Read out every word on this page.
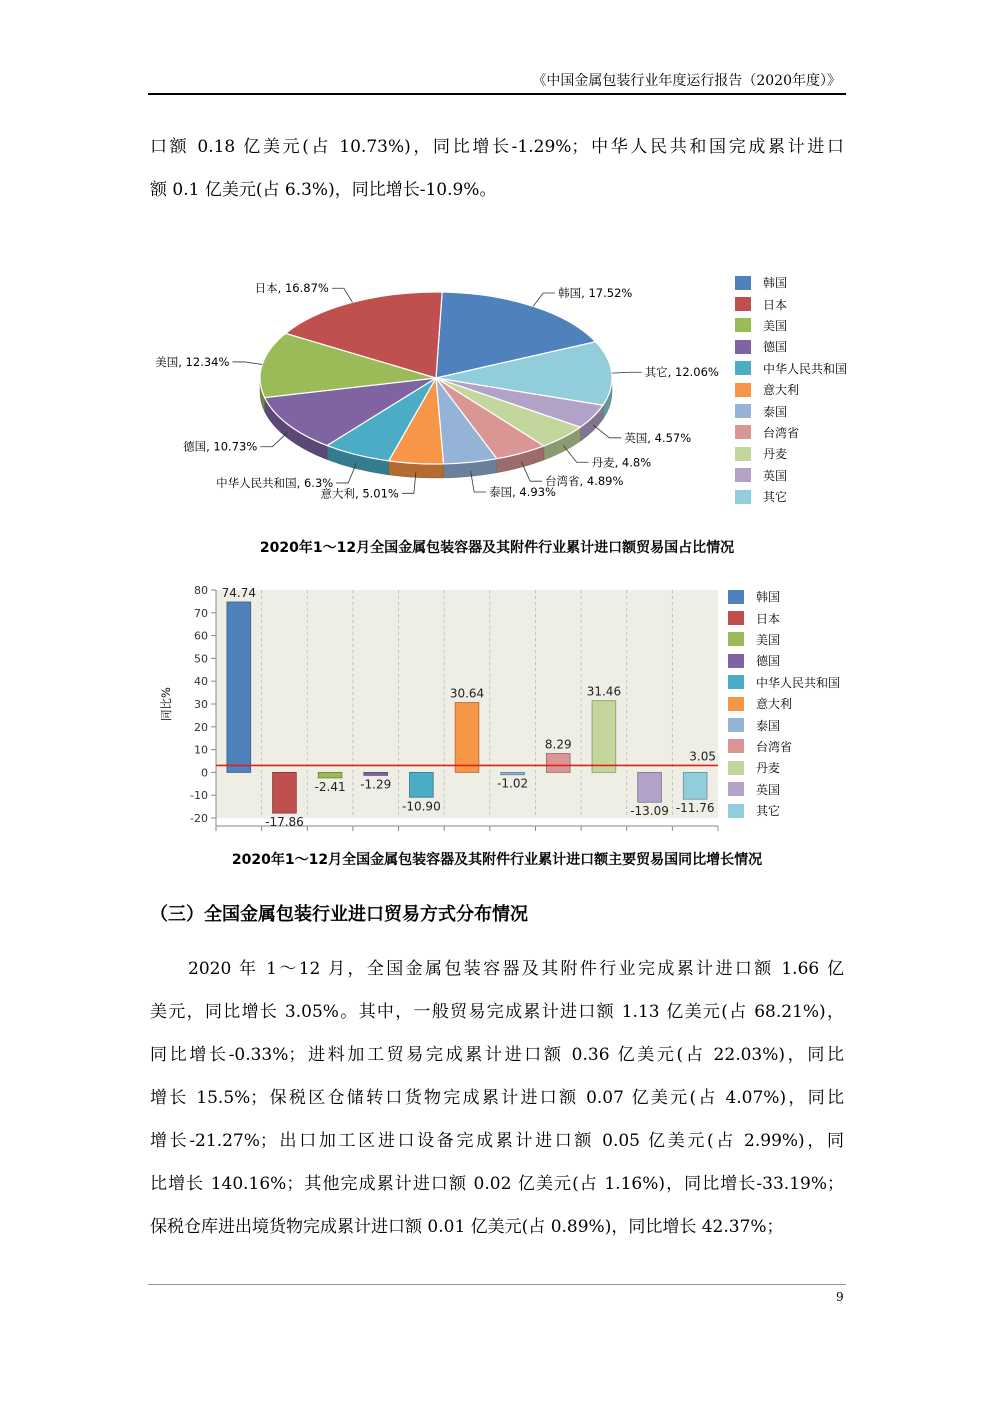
《中国金属包装行业年度运行报告（2020年度）》
口额 0.18 亿美元(占 10.73%)，同比增长-1.29%；中华人民共和国完成累计进口
额 0.1 亿美元(占 6.3%)，同比增长-10.9%。
韩国, 17.52%
其它, 12.06%
英国, 4.57%
丹麦, 4.8%
台湾省, 4.89%
泰国, 4.93%
意大利, 5.01%
中华人民共和国, 6.3%
德国, 10.73%
美国, 12.34%
日本, 16.87%	韩国
日本
美国
德国
中华人民共和国
意大利
泰国
台湾省
丹麦
英国
其它
2020年1～12月全国金属包装容器及其附件行业累计进口额贸易国占比情况
80
70
60
50
40
30
20
10
0
-10
-20
同比%
74.74
-17.86
-2.41 -1.29
-10.90
30.64
-1.02
8.29
31.46
-13.09 -11.76
3.05
韩国
日本
美国
德国
中华人民共和国
意大利
泰国
台湾省
丹麦
英国
其它
2020年1～12月全国金属包装容器及其附件行业累计进口额主要贸易国同比增长情况
（三）全国金属包装行业进口贸易方式分布情况
2020 年 1～12 月，全国金属包装容器及其附件行业完成累计进口额 1.66 亿
美元，同比增长 3.05%。其中，一般贸易完成累计进口额 1.13 亿美元(占 68.21%)，
同比增长-0.33%；进料加工贸易完成累计进口额 0.36 亿美元(占 22.03%)，同比
增长 15.5%；保税区仓储转口货物完成累计进口额 0.07 亿美元(占 4.07%)，同比
增长-21.27%；出口加工区进口设备完成累计进口额 0.05 亿美元(占 2.99%)，同
比增长 140.16%；其他完成累计进口额 0.02 亿美元(占 1.16%)，同比增长-33.19%；
保税仓库进出境货物完成累计进口额 0.01 亿美元(占 0.89%)，同比增长 42.37%；
9
